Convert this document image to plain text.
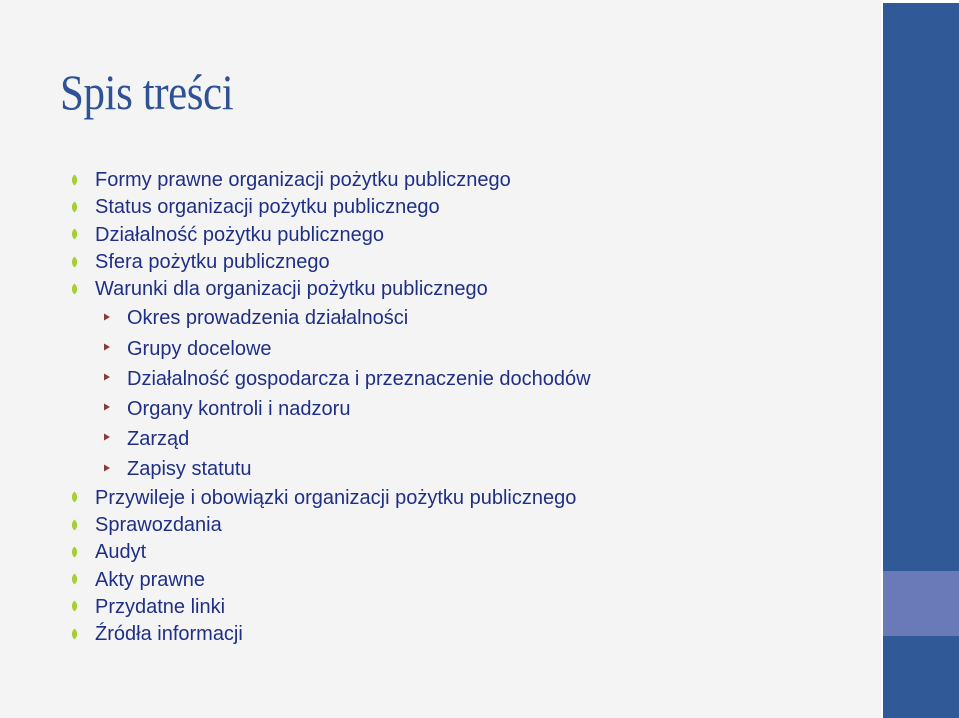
Spis treści
Formy prawne organizacji pożytku publicznego
Status organizacji pożytku publicznego
Działalność pożytku publicznego
Sfera pożytku publicznego
Warunki dla organizacji pożytku publicznego
Okres prowadzenia działalności
Grupy docelowe
Działalność gospodarcza i przeznaczenie dochodów
Organy kontroli i nadzoru
Zarząd
Zapisy statutu
Przywileje i obowiązki organizacji pożytku publicznego
Sprawozdania
Audyt
Akty prawne
Przydatne linki
Źródła informacji
